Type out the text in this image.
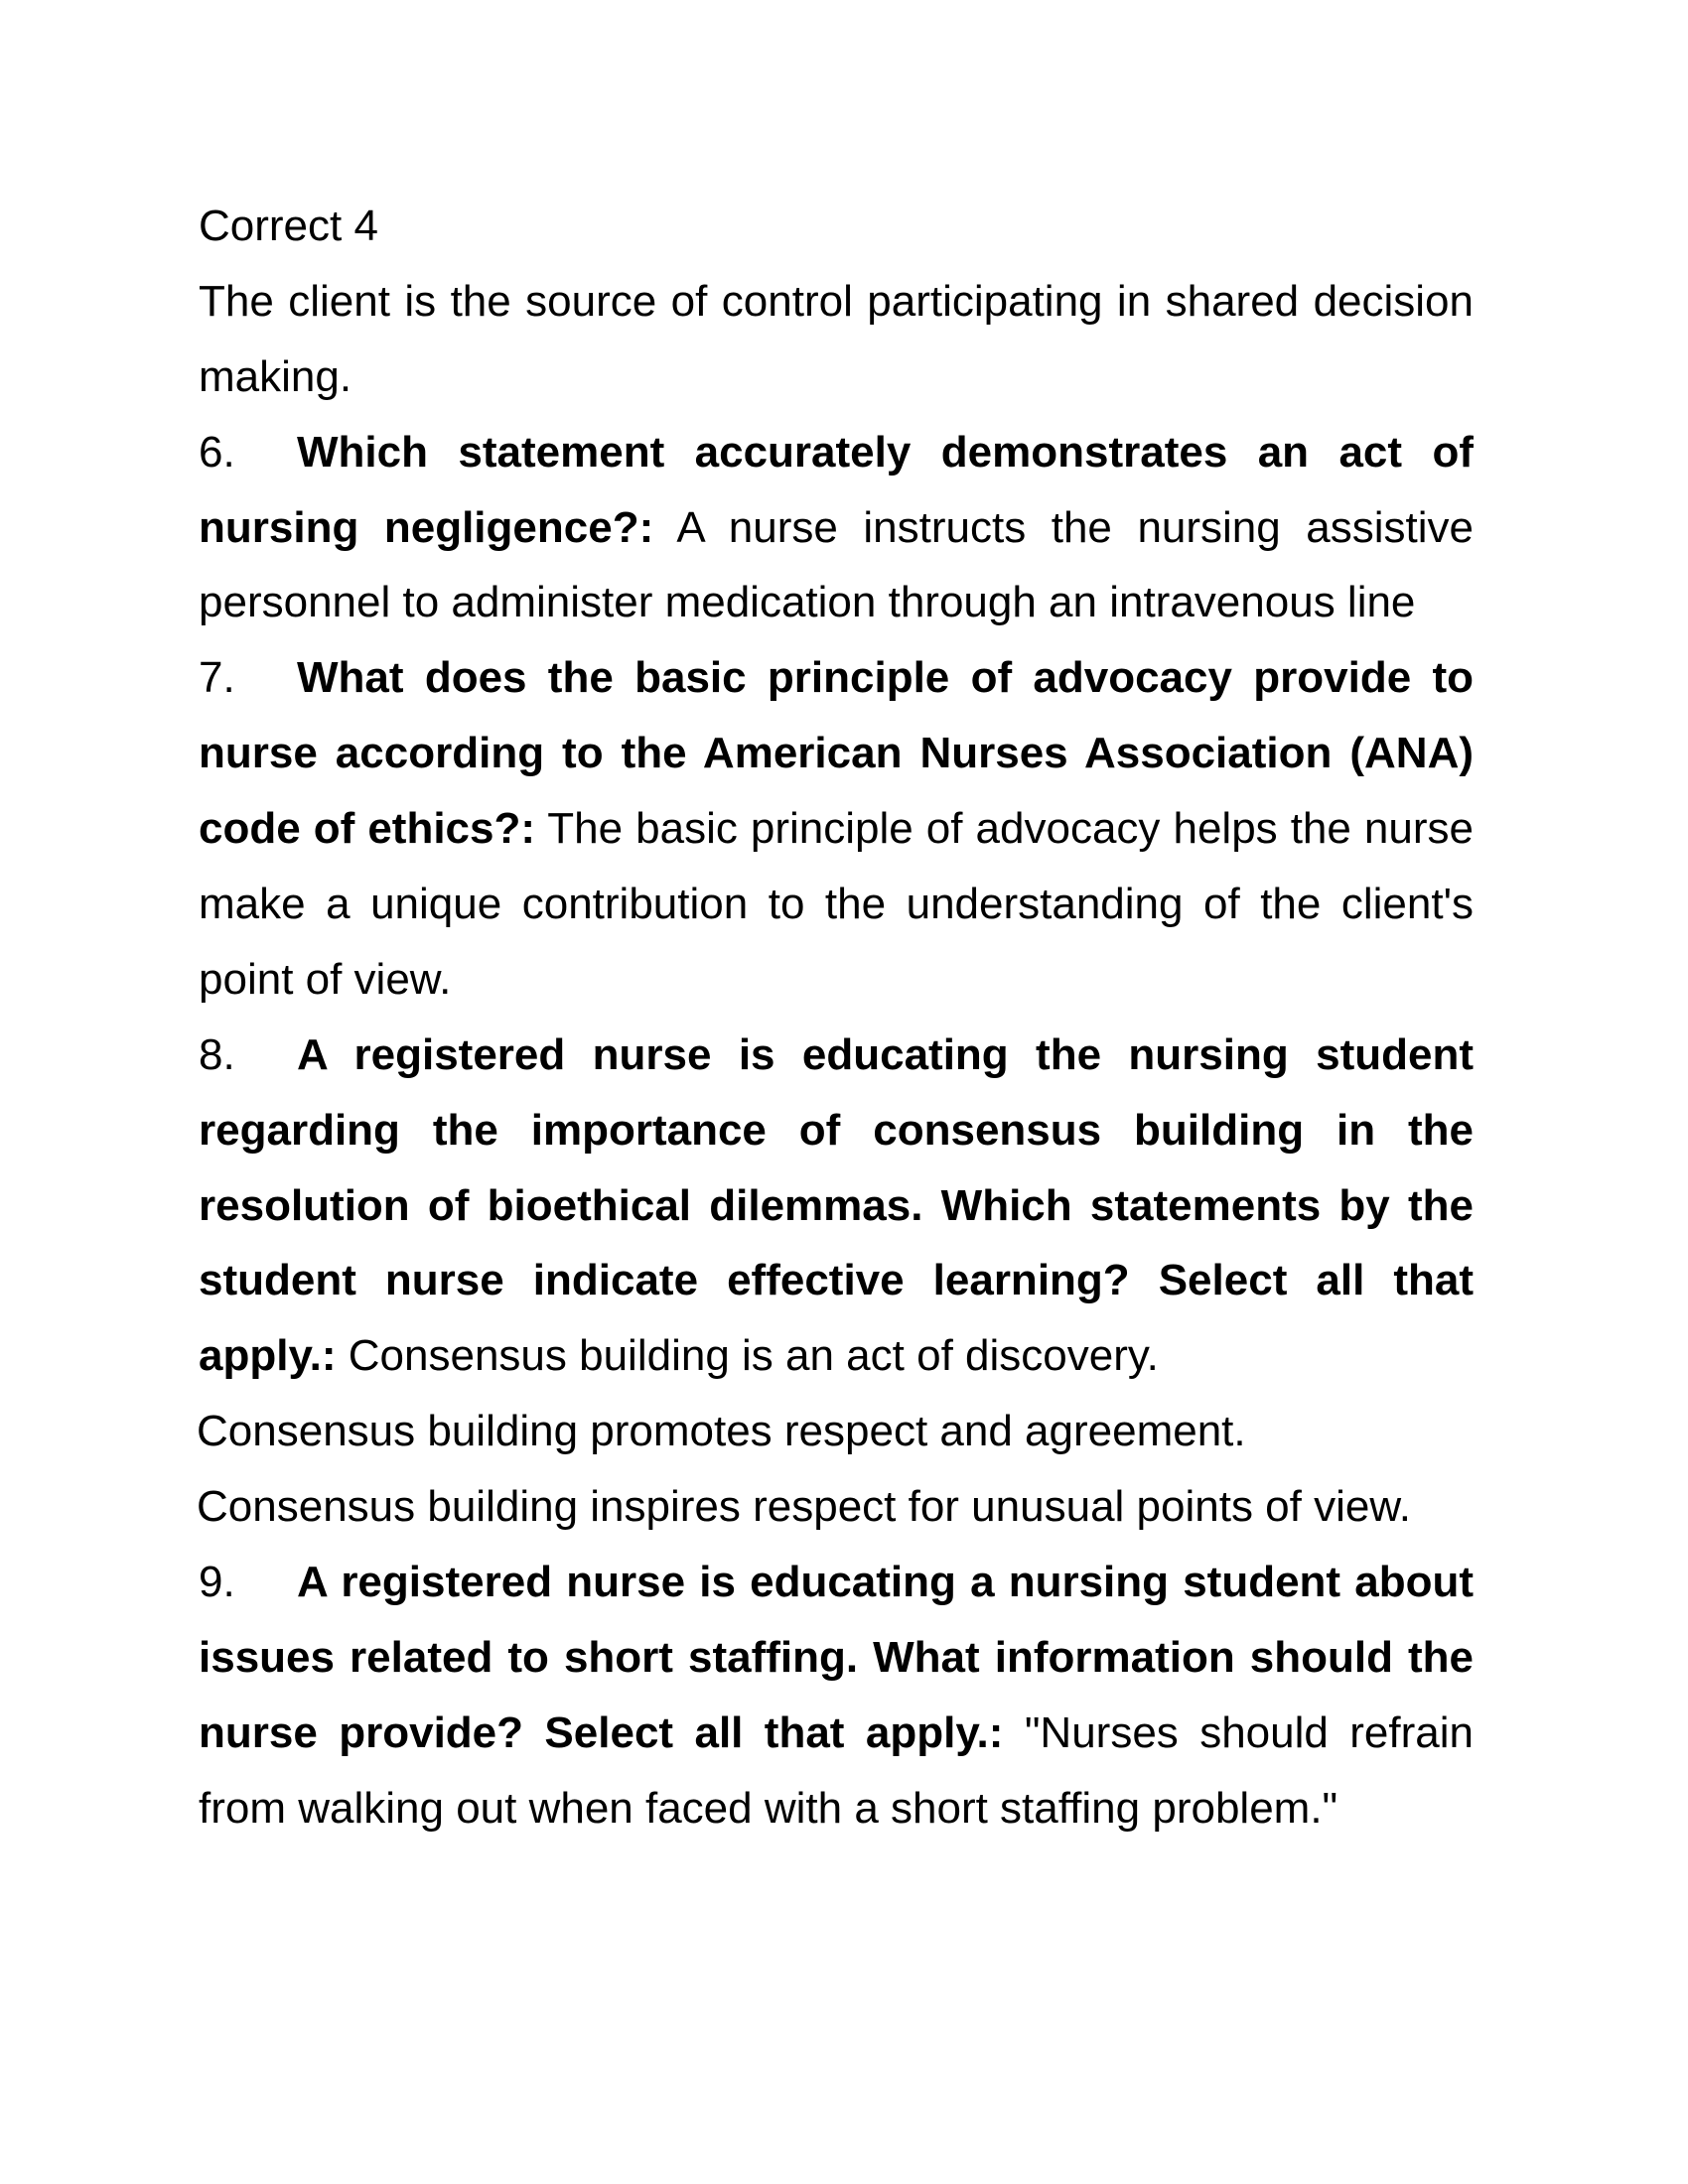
Correct 4
The client is the source of control participating in shared decision
making.
6. Which statement accurately demonstrates an act of
nursing negligence?: A nurse instructs the nursing assistive
personnel to administer medication through an intravenous line
7. What does the basic principle of advocacy provide to
nurse according to the American Nurses Association (ANA)
code of ethics?: The basic principle of advocacy helps the nurse
make a unique contribution to the understanding of the client's
point of view.
8. A registered nurse is educating the nursing student
regarding the importance of consensus building in the
resolution of bioethical dilemmas. Which statements by the
student nurse indicate effective learning? Select all that
apply.: Consensus building is an act of discovery.
Consensus building promotes respect and agreement.
Consensus building inspires respect for unusual points of view.
9. A registered nurse is educating a nursing student about
issues related to short staffing. What information should the
nurse provide? Select all that apply.: "Nurses should refrain
from walking out when faced with a short staffing problem."
